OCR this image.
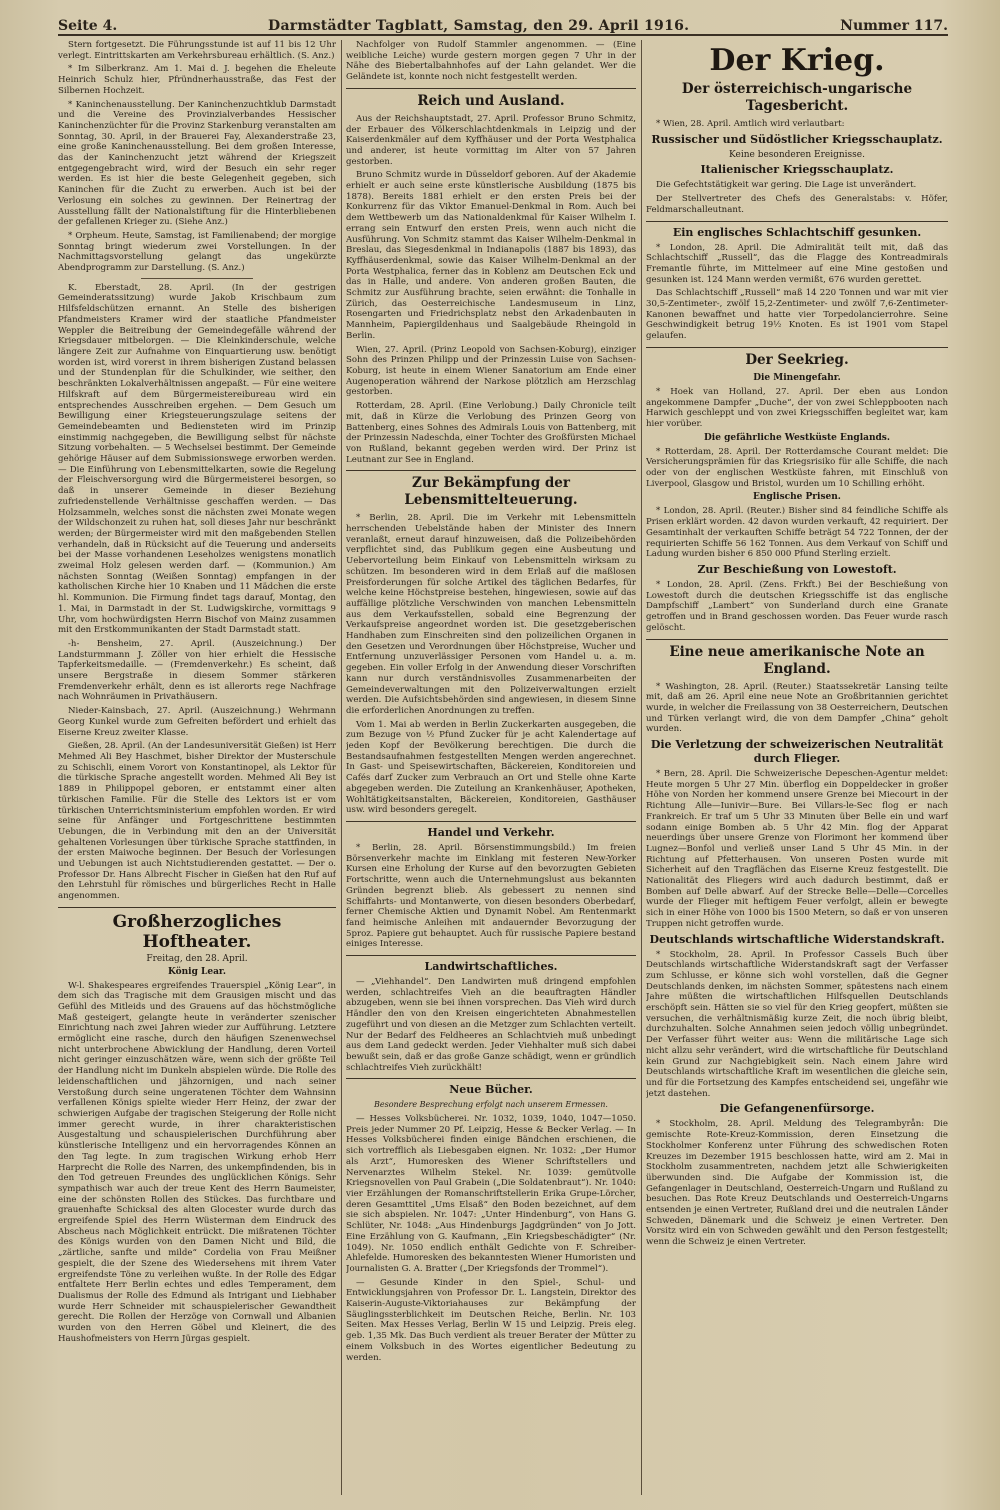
Seite 4.	Darmstädter Tagblatt, Samstag, den 29. April 1916.	Nummer 117.

Stern fortgesetzt. Die Führungsstunde ist auf 11 bis 12 Uhr verlegt. Eintrittskarten am Verkehrsbureau erhältlich. (S. Anz.)

* Im Silberkranz. Am 1. Mai d. J. begehen die Eheleute Heinrich Schulz hier, Pfründnerhausstraße, das Fest der Silbernen Hochzeit.

* Kaninchenausstellung. Der Kaninchenzuchtklub Darmstadt und die Vereine des Provinzialverbandes Hessischer Kaninchenzüchter für die Provinz Starkenburg veranstalten am Sonntag, 30. April, in der Brauerei Fay, Alexanderstraße 23, eine große Kaninchenausstellung. Bei dem großen Interesse, das der Kaninchenzucht jetzt während der Kriegszeit entgegengebracht wird, wird der Besuch ein sehr reger werden. Es ist hier die beste Gelegenheit gegeben, sich Kaninchen für die Zucht zu erwerben. Auch ist bei der Verlosung ein solches zu gewinnen. Der Reinertrag der Ausstellung fällt der Nationalstiftung für die Hinterbliebenen der gefallenen Krieger zu. (Siehe Anz.)

* Orpheum. Heute, Samstag, ist Familienabend; der morgige Sonntag bringt wiederum zwei Vorstellungen. In der Nachmittagsvorstellung gelangt das ungekürzte Abendprogramm zur Darstellung. (S. Anz.)

K. Eberstadt, 28. April. (In der gestrigen Gemeinderatssitzung) wurde Jakob Krischbaum zum Hilfsfeldschützen ernannt. An Stelle des bisherigen Pfandmeisters Kramer wird der staatliche Pfandmeister Weppler die Beitreibung der Gemeindegefälle während der Kriegsdauer mitbelorgen. — Die Kleinkinderschule, welche längere Zeit zur Aufnahme von Einquartierung usw. benötigt worden ist, wird vorerst in ihrem bisherigen Zustand belassen und der Stundenplan für die Schulkinder, wie seither, den beschränkten Lokalverhältnissen angepaßt. — Für eine weitere Hilfskraft auf dem Bürgermeistereibureau wird ein entsprechendes Ausschreiben ergehen. — Dem Gesuch um Bewilligung einer Kriegsteuerungszulage seitens der Gemeindebeamten und Bediensteten wird im Prinzip einstimmig nachgegeben, die Bewilligung selbst für nächste Sitzung vorbehalten. — 5 Wechselsei bestimmt. Der Gemeinde gehörige Häuser auf dem Submissionswege erworben werden. — Die Einführung von Lebensmittelkarten, sowie die Regelung der Fleischversorgung wird die Bürgermeisterei besorgen, so daß in unserer Gemeinde in dieser Beziehung zufriedenstellende Verhältnisse geschaffen werden. — Das Holzsammeln, welches sonst die nächsten zwei Monate wegen der Wildschonzeit zu ruhen hat, soll dieses Jahr nur beschränkt werden; der Bürgermeister wird mit den maßgebenden Stellen verhandeln, daß in Rücksicht auf die Teuerung und anderseits bei der Masse vorhandenen Leseholzes wenigstens monatlich zweimal Holz gelesen werden darf. — (Kommunion.) Am nächsten Sonntag (Weißen Sonntag) empfangen in der katholischen Kirche hier 10 Knaben und 11 Mädchen die erste hl. Kommunion. Die Firmung findet tags darauf, Montag, den 1. Mai, in Darmstadt in der St. Ludwigskirche, vormittags 9 Uhr, vom hochwürdigsten Herrn Bischof von Mainz zusammen mit den Erstkommunikanten der Stadt Darmstadt statt.

-h- Bensheim, 27. April. (Auszeichnung.) Der Landsturmmann J. Zöller von hier erhielt die Hessische Tapferkeitsmedaille. — (Fremdenverkehr.) Es scheint, daß unsere Bergstraße in diesem Sommer stärkeren Fremdenverkehr erhält, denn es ist allerorts rege Nachfrage nach Wohnräumen in Privathäusern.

Nieder-Kainsbach, 27. April. (Auszeichnung.) Wehrmann Georg Kunkel wurde zum Gefreiten befördert und erhielt das Eiserne Kreuz zweiter Klasse.

Gießen, 28. April. (An der Landesuniversität Gießen) ist Herr Mehmed Ali Bey Haschmet, bisher Direktor der Musterschule zu Schischli, einem Vorort von Konstantinopel, als Lektor für die türkische Sprache angestellt worden. Mehmed Ali Bey ist 1889 in Philippopel geboren, er entstammt einer alten türkischen Familie. Für die Stelle des Lektors ist er vom türkischen Unterrichtsministerium empfohlen worden. Er wird seine für Anfänger und Fortgeschrittene bestimmten Uebungen, die in Verbindung mit den an der Universität gehaltenen Vorlesungen über türkische Sprache stattfinden, in der ersten Maiwoche beginnen. Der Besuch der Vorlesungen und Uebungen ist auch Nichtstudierenden gestattet. — Der o. Professor Dr. Hans Albrecht Fischer in Gießen hat den Ruf auf den Lehrstuhl für römisches und bürgerliches Recht in Halle angenommen.

Großherzogliches Hoftheater.
Freitag, den 28. April.
König Lear.

W-l. Shakespeares ergreifendes Trauerspiel „König Lear“, in dem sich das Tragische mit dem Grausigen mischt und das Gefühl des Mitleids und des Grauens auf das höchstmögliche Maß gesteigert, gelangte heute in veränderter szenischer Einrichtung nach zwei Jahren wieder zur Aufführung. Letztere ermöglicht eine rasche, durch den häufigen Szenenwechsel nicht unterbrochene Abwicklung der Handlung, deren Vorteil nicht geringer einzuschätzen wäre, wenn sich der größte Teil der Handlung nicht im Dunkeln abspielen würde. Die Rolle des leidenschaftlichen und jähzornigen, und nach seiner Verstoßung durch seine ungeratenen Töchter dem Wahnsinn verfallenen Königs spielte wieder Herr Heinz, der zwar der schwierigen Aufgabe der tragischen Steigerung der Rolle nicht immer gerecht wurde, in ihrer charakteristischen Ausgestaltung und schauspielerischen Durchführung aber künstlerische Intelligenz und ein hervorragendes Können an den Tag legte. In zum tragischen Wirkung erhob Herr Harprecht die Rolle des Narren, des unkempfindenden, bis in den Tod getreuen Freundes des unglücklichen Königs. Sehr sympathisch war auch der treue Kent des Herrn Baumeister, eine der schönsten Rollen des Stückes. Das furchtbare und grauenhafte Schicksal des alten Glocester wurde durch das ergreifende Spiel des Herrn Wüsterman dem Eindruck des Abscheus nach Möglichkeit entrückt. Die mißratenen Töchter des Königs wurden von den Damen Nicht und Bild, die „zärtliche, sanfte und milde“ Cordelia von Frau Meißner gespielt, die der Szene des Wiedersehens mit ihrem Vater ergreifendste Töne zu verleihen wußte. In der Rolle des Edgar entfaltete Herr Berlin echtes und edles Temperament, dem Dualismus der Rolle des Edmund als Intrigant und Liebhaber wurde Herr Schneider mit schauspielerischer Gewandtheit gerecht. Die Rollen der Herzöge von Cornwall und Albanien wurden von den Herren Göbel und Kleinert, die des Haushofmeisters von Herrn Jürgas gespielt.

Nachfolger von Rudolf Stammler angenommen. — (Eine weibliche Leiche) wurde gestern morgen gegen 7 Uhr in der Nähe des Biebertalbahnhofes auf der Lahn gelandet. Wer die Geländete ist, konnte noch nicht festgestellt werden.

Reich und Ausland.

Aus der Reichshauptstadt, 27. April. Professor Bruno Schmitz, der Erbauer des Völkerschlachtdenkmals in Leipzig und der Kaiserdenkmäler auf dem Kyffhäuser und der Porta Westphalica und anderer, ist heute vormittag im Alter von 57 Jahren gestorben.

Bruno Schmitz wurde in Düsseldorf geboren. Auf der Akademie erhielt er auch seine erste künstlerische Ausbildung (1875 bis 1878). Bereits 1881 erhielt er den ersten Preis bei der Konkurrenz für das Viktor Emanuel-Denkmal in Rom. Auch bei dem Wettbewerb um das Nationaldenkmal für Kaiser Wilhelm I. errang sein Entwurf den ersten Preis, wenn auch nicht die Ausführung. Von Schmitz stammt das Kaiser Wilhelm-Denkmal in Breslau, das Siegesdenkmal in Indianapolis (1887 bis 1893), das Kyffhäuserdenkmal, sowie das Kaiser Wilhelm-Denkmal an der Porta Westphalica, ferner das in Koblenz am Deutschen Eck und das in Halle, und andere. Von anderen großen Bauten, die Schmitz zur Ausführung brachte, seien erwähnt: die Tonhalle in Zürich, das Oesterreichische Landesmuseum in Linz, Rosengarten und Friedrichsplatz nebst den Arkadenbauten in Mannheim, Papiergildenhaus und Saalgebäude Rheingold in Berlin.

Wien, 27. April. (Prinz Leopold von Sachsen-Koburg), einziger Sohn des Prinzen Philipp und der Prinzessin Luise von Sachsen-Koburg, ist heute in einem Wiener Sanatorium am Ende einer Augenoperation während der Narkose plötzlich am Herzschlag gestorben.

Rotterdam, 28. April. (Eine Verlobung.) Daily Chronicle teilt mit, daß in Kürze die Verlobung des Prinzen Georg von Battenberg, eines Sohnes des Admirals Louis von Battenberg, mit der Prinzessin Nadeschda, einer Tochter des Großfürsten Michael von Rußland, bekannt gegeben werden wird. Der Prinz ist Leutnant zur See in England.

Zur Bekämpfung der Lebensmittelteuerung.

* Berlin, 28. April. Die im Verkehr mit Lebensmitteln herrschenden Uebelstände haben der Minister des Innern veranlaßt, erneut darauf hinzuweisen, daß die Polizeibehörden verpflichtet sind, das Publikum gegen eine Ausbeutung und Uebervorteilung beim Einkauf von Lebensmitteln wirksam zu schützen. Im besonderen wird in dem Erlaß auf die maßlosen Preisforderungen für solche Artikel des täglichen Bedarfes, für welche keine Höchstpreise bestehen, hingewiesen, sowie auf das auffällige plötzliche Verschwinden von manchen Lebensmitteln aus dem Verkaufsstellen, sobald eine Begrenzung der Verkaufspreise angeordnet worden ist. Die gesetzgeberischen Handhaben zum Einschreiten sind den polizeilichen Organen in den Gesetzen und Verordnungen über Höchstpreise, Wucher und Entfernung unzuverlässiger Personen vom Handel u. a. m. gegeben. Ein voller Erfolg in der Anwendung dieser Vorschriften kann nur durch verständnisvolles Zusammenarbeiten der Gemeindeverwaltungen mit den Polizeiverwaltungen erzielt werden. Die Aufsichtsbehörden sind angewiesen, in diesem Sinne die erforderlichen Anordnungen zu treffen.

Vom 1. Mai ab werden in Berlin Zuckerkarten ausgegeben, die zum Bezuge von ½ Pfund Zucker für je acht Kalendertage auf jeden Kopf der Bevölkerung berechtigen. Die durch die Bestandsaufnahmen festgestellten Mengen werden angerechnet. In Gast- und Speisewirtschaften, Bäckereien, Konditoreien und Cafés darf Zucker zum Verbrauch an Ort und Stelle ohne Karte abgegeben werden. Die Zuteilung an Krankenhäuser, Apotheken, Wohltätigkeitsanstalten, Bäckereien, Konditoreien, Gasthäuser usw. wird besonders geregelt.

Handel und Verkehr.

* Berlin, 28. April. Börsenstimmungsbild.) Im freien Börsenverkehr machte im Einklang mit festeren New-Yorker Kursen eine Erholung der Kurse auf den bevorzugten Gebieten Fortschritte, wenn auch die Unternehmungslust aus bekannten Gründen begrenzt blieb. Als gebessert zu nennen sind Schiffahrts- und Montanwerte, von diesen besonders Oberbedarf, ferner Chemische Aktien und Dynamit Nobel. Am Rentenmarkt fand heimische Anleihen mit andauernder Bevorzugung der 5proz. Papiere gut behauptet. Auch für russische Papiere bestand einiges Interesse.

Landwirtschaftliches.

— „Viehhandel“. Den Landwirten muß dringend empfohlen werden, schlachtreifes Vieh an die beauftragten Händler abzugeben, wenn sie bei ihnen vorsprechen. Das Vieh wird durch Händler den von den Kreisen eingerichteten Abnahmestellen zugeführt und von diesen an die Metzger zum Schlachten verteilt. Nur der Bedarf des Feldheeres an Schlachtvieh muß unbedingt aus dem Land gedeckt werden. Jeder Viehhalter muß sich dabei bewußt sein, daß er das große Ganze schädigt, wenn er gründlich schlachtreifes Vieh zurückhält!

Neue Bücher.
Besondere Besprechung erfolgt nach unserem Ermessen.

— Hesses Volksbücherei. Nr. 1032, 1039, 1040, 1047—1050. Preis jeder Nummer 20 Pf. Leipzig, Hesse & Becker Verlag. — In Hesses Volksbücherei finden einige Bändchen erschienen, die sich vortrefflich als Liebesgaben eignen. Nr. 1032: „Der Humor als Arzt“, Humoresken des Wiener Schriftstellers und Nervenarztes Wilhelm Stekel. Nr. 1039: gemütvolle Kriegsnovellen von Paul Grabein („Die Soldatenbraut“). Nr. 1040: vier Erzählungen der Romanschriftstellerin Erika Grupe-Lörcher, deren Gesamttitel „Ums Elsaß“ den Boden bezeichnet, auf dem sie sich abspielen. Nr. 1047: „Unter Hindenburg“, von Hans G. Schlüter, Nr. 1048: „Aus Hindenburgs Jagdgründen“ von Jo Jott. Eine Erzählung von G. Kaufmann, „Ein Kriegsbeschädigter“ (Nr. 1049). Nr. 1050 endlich enthält Gedichte von F. Schreiber-Ahlefelde. Humoresken des bekanntesten Wiener Humoristen und Journalisten G. A. Bratter („Der Kriegsfonds der Trommel“).

— Gesunde Kinder in den Spiel-, Schul- und Entwicklungsjahren von Professor Dr. L. Langstein, Direktor des Kaiserin-Auguste-Viktoriahauses zur Bekämpfung der Säuglingssterblichkeit im Deutschen Reiche, Berlin. Nr. 103 Seiten. Max Hesses Verlag, Berlin W 15 und Leipzig. Preis eleg. geb. 1,35 Mk. Das Buch verdient als treuer Berater der Mütter zu einem Volksbuch in des Wortes eigentlicher Bedeutung zu werden.

Der Krieg.
Der österreichisch-ungarische Tagesbericht.

* Wien, 28. April. Amtlich wird verlautbart:

Russischer und Südöstlicher Kriegsschauplatz.
Keine besonderen Ereignisse.
Italienischer Kriegsschauplatz.

Die Gefechtstätigkeit war gering. Die Lage ist unverändert.

Der Stellvertreter des Chefs des Generalstabs: v. Höfer, Feldmarschalleutnant.

Ein englisches Schlachtschiff gesunken.

* London, 28. April. Die Admiralität teilt mit, daß das Schlachtschiff „Russell“, das die Flagge des Kontreadmirals Fremantle führte, im Mittelmeer auf eine Mine gestoßen und gesunken ist. 124 Mann werden vermißt, 676 wurden gerettet.

Das Schlachtschiff „Russell“ maß 14 220 Tonnen und war mit vier 30,5-Zentimeter-, zwölf 15,2-Zentimeter- und zwölf 7,6-Zentimeter-Kanonen bewaffnet und hatte vier Torpedolancierrohre. Seine Geschwindigkeit betrug 19½ Knoten. Es ist 1901 vom Stapel gelaufen.

Der Seekrieg.
Die Minengefahr.

* Hoek van Holland, 27. April. Der eben aus London angekommene Dampfer „Duche“, der von zwei Schleppbooten nach Harwich geschleppt und von zwei Kriegsschiffen begleitet war, kam hier vorüber.

Die gefährliche Westküste Englands.

* Rotterdam, 28. April. Der Rotterdamsche Courant meldet: Die Versicherungsprämien für das Kriegsrisiko für alle Schiffe, die nach oder von der englischen Westküste fahren, mit Einschluß von Liverpool, Glasgow und Bristol, wurden um 10 Schilling erhöht.

Englische Prisen.

* London, 28. April. (Reuter.) Bisher sind 84 feindliche Schiffe als Prisen erklärt worden. 42 davon wurden verkauft, 42 requiriert. Der Gesamtinhalt der verkauften Schiffe beträgt 54 722 Tonnen, der der requirierten Schiffe 56 162 Tonnen. Aus dem Verkauf von Schiff und Ladung wurden bisher 6 850 000 Pfund Sterling erzielt.

Zur Beschießung von Lowestoft.

* London, 28. April. (Zens. Frkft.) Bei der Beschießung von Lowestoft durch die deutschen Kriegsschiffe ist das englische Dampfschiff „Lambert“ von Sunderland durch eine Granate getroffen und in Brand geschossen worden. Das Feuer wurde rasch gelöscht.

Eine neue amerikanische Note an England.

* Washington, 28. April. (Reuter.) Staatssekretär Lansing teilte mit, daß am 26. April eine neue Note an Großbritannien gerichtet wurde, in welcher die Freilassung von 38 Oesterreichern, Deutschen und Türken verlangt wird, die von dem Dampfer „China“ geholt wurden.

Die Verletzung der schweizerischen Neutralität durch Flieger.

* Bern, 28. April. Die Schweizerische Depeschen-Agentur meldet: Heute morgen 5 Uhr 27 Min. überflog ein Doppeldecker in großer Höhe von Norden her kommend unsere Grenze bei Miecourt in der Richtung Alle—Iunivir—Bure. Bei Villars-le-Sec flog er nach Frankreich. Er traf um 5 Uhr 33 Minuten über Belle ein und warf sodann einige Bomben ab. 5 Uhr 42 Min. flog der Apparat neuerdings über unsere Grenze von Florimont her kommend über Lugnez—Bonfol und verließ unser Land 5 Uhr 45 Min. in der Richtung auf Pfetterhausen. Von unseren Posten wurde mit Sicherheit auf den Tragflächen das Eiserne Kreuz festgestellt. Die Nationalität des Fliegers wird auch dadurch bestimmt, daß er Bomben auf Delle abwarf. Auf der Strecke Belle—Delle—Corcelles wurde der Flieger mit heftigem Feuer verfolgt, allein er bewegte sich in einer Höhe von 1000 bis 1500 Metern, so daß er von unseren Truppen nicht getroffen wurde.

Deutschlands wirtschaftliche Widerstandskraft.

* Stockholm, 28. April. In Professor Cassels Buch über Deutschlands wirtschaftliche Widerstandskraft sagt der Verfasser zum Schlusse, er könne sich wohl vorstellen, daß die Gegner Deutschlands denken, im nächsten Sommer, spätestens nach einem Jahre müßten die wirtschaftlichen Hilfsquellen Deutschlands erschöpft sein. Hätten sie so viel für den Krieg geopfert, müßten sie versuchen, die verhältnismäßig kurze Zeit, die noch übrig bleibt, durchzuhalten. Solche Annahmen seien jedoch völlig unbegründet. Der Verfasser führt weiter aus: Wenn die militärische Lage sich nicht allzu sehr verändert, wird die wirtschaftliche für Deutschland kein Grund zur Nachgiebigkeit sein. Nach einem Jahre wird Deutschlands wirtschaftliche Kraft im wesentlichen die gleiche sein, und für die Fortsetzung des Kampfes entscheidend sei, ungefähr wie jetzt dastehen.

Die Gefangenenfürsorge.

* Stockholm, 28. April. Meldung des Telegrambyrån: Die gemischte Rote-Kreuz-Kommission, deren Einsetzung die Stockholmer Konferenz unter Führung des schwedischen Roten Kreuzes im Dezember 1915 beschlossen hatte, wird am 2. Mai in Stockholm zusammentreten, nachdem jetzt alle Schwierigkeiten überwunden sind. Die Aufgabe der Kommission ist, die Gefangenlager in Deutschland, Oesterreich-Ungarn und Rußland zu besuchen. Das Rote Kreuz Deutschlands und Oesterreich-Ungarns entsenden je einen Vertreter, Rußland drei und die neutralen Länder Schweden, Dänemark und die Schweiz je einen Vertreter. Den Vorsitz wird ein von Schweden gewählt und den Person festgestellt; wenn die Schweiz je einen Vertreter.
